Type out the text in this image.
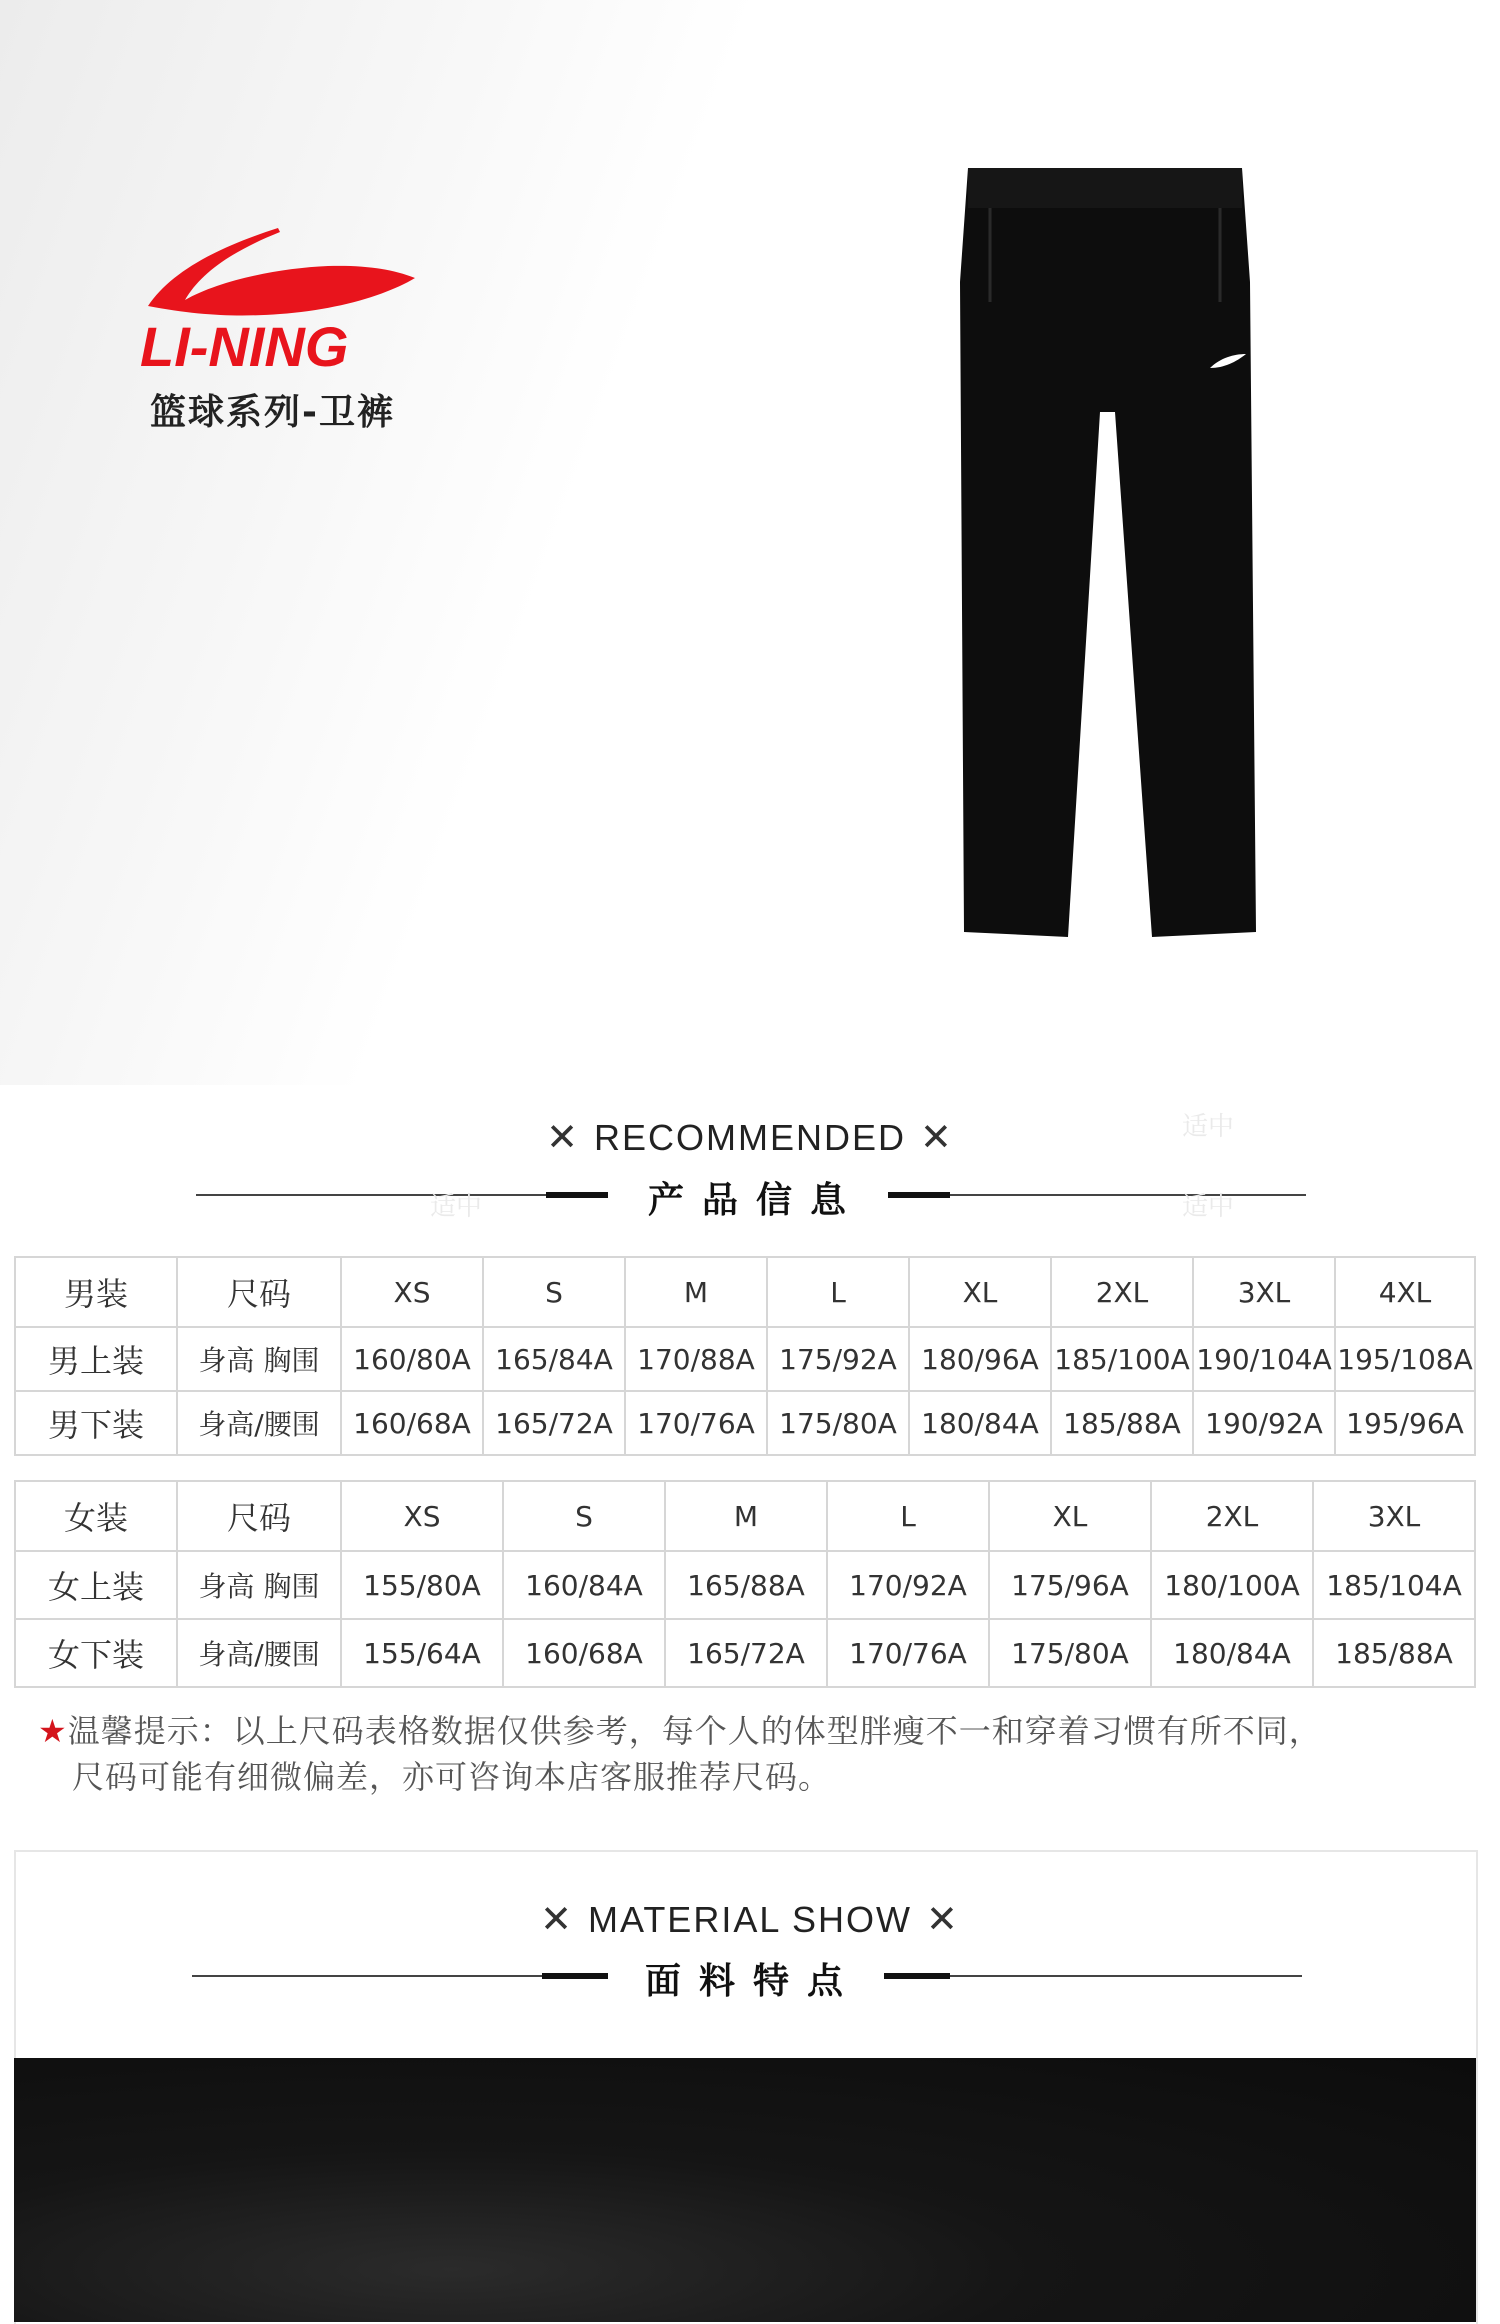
LI-NING
篮球系列-卫裤
✕ RECOMMENDED ✕
产品信息
适中
适中	适中
男装	尺码	XS	S	M	L	XL	2XL	3XL	4XL
男上装	身高 胸围	160/80A	165/84A	170/88A	175/92A	180/96A	185/100A	190/104A	195/108A
男下装	身高/腰围	160/68A	165/72A	170/76A	175/80A	180/84A	185/88A	190/92A	195/96A
女装	尺码	XS	S	M	L	XL	2XL	3XL
女上装	身高 胸围	155/80A	160/84A	165/88A	170/92A	175/96A	180/100A	185/104A
女下装	身高/腰围	155/64A	160/68A	165/72A	170/76A	175/80A	180/84A	185/88A
★温馨提示：以上尺码表格数据仅供参考，每个人的体型胖瘦不一和穿着习惯有所不同，
尺码可能有细微偏差，亦可咨询本店客服推荐尺码。
✕ MATERIAL SHOW ✕
面料特点
